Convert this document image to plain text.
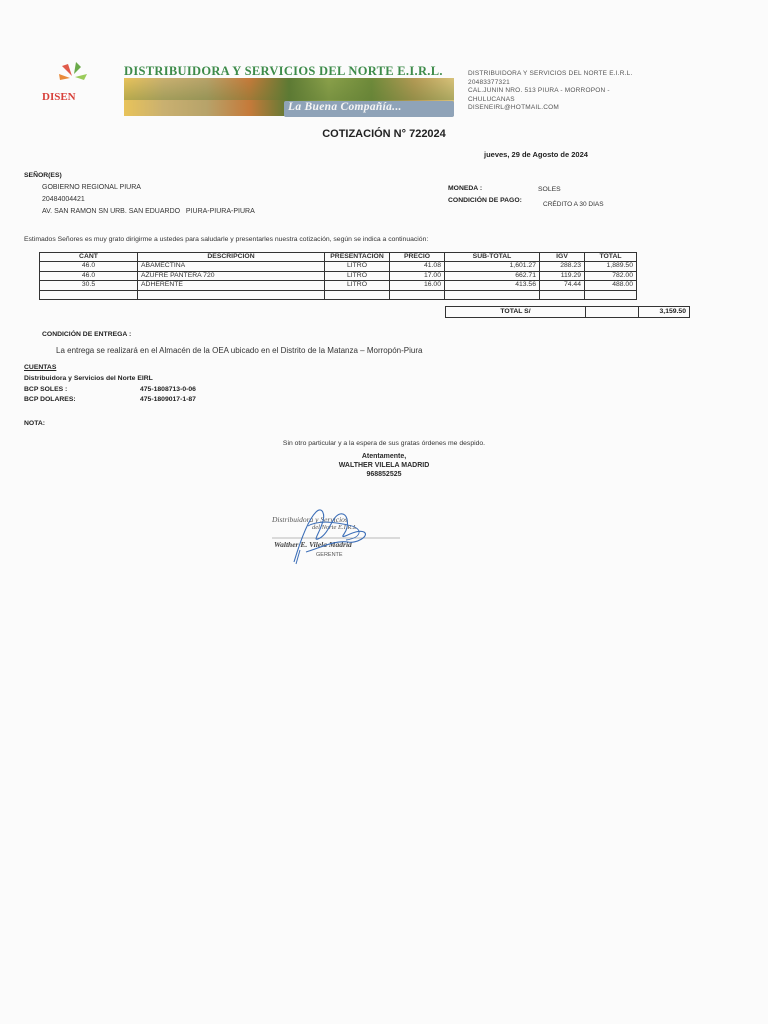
DISEN
DISTRIBUIDORA Y SERVICIOS DEL NORTE E.I.R.L.
La Buena Compañía...
DISTRIBUIDORA Y SERVICIOS DEL NORTE E.I.R.L.
20483377321
CAL.JUNIN NRO. 513 PIURA - MORROPON -
CHULUCANAS
DISENEIRL@HOTMAIL.COM
COTIZACIÓN N° 722024
jueves, 29 de Agosto de 2024
SEÑOR(ES)
GOBIERNO REGIONAL PIURA
20484004421
AV. SAN RAMON SN URB. SAN EDUARDO   PIURA-PIURA-PIURA
MONEDA :	SOLES
CONDICIÓN DE PAGO:
CRÉDITO A 30 DIAS
Estimados Señores es muy grato dirigirme a ustedes para saludarle y presentarles nuestra cotización, según se indica a continuación:
CANT	DESCRIPCION	PRESENTACION	PRECIO	SUB-TOTAL	IGV	TOTAL
46.0	ABAMECTINA	LITRO	41.08	1,601.27	288.23	1,889.50
46.0	AZUFRE PANTERA 720	LITRO	17.00	662.71	119.29	782.00
30.5	ADHERENTE	LITRO	16.00	413.56	74.44	488.00

TOTAL S/		3,159.50
CONDICIÓN DE ENTREGA :
La entrega se realizará en el Almacén de la OEA ubicado en el Distrito de la Matanza – Morropón-Piura
CUENTAS
Distribuidora y Servicios del Norte EIRL
BCP SOLES :	475-1808713-0-06
BCP DOLARES:	475-1809017-1-87
NOTA:
Sin otro particular y a la espera de sus gratas órdenes me despido.
Atentamente,
WALTHER VILELA MADRID
968852525
Distribuidora y Servicios
del Norte E.I.R.L.
Walther E. Vilela Madrid
GERENTE
